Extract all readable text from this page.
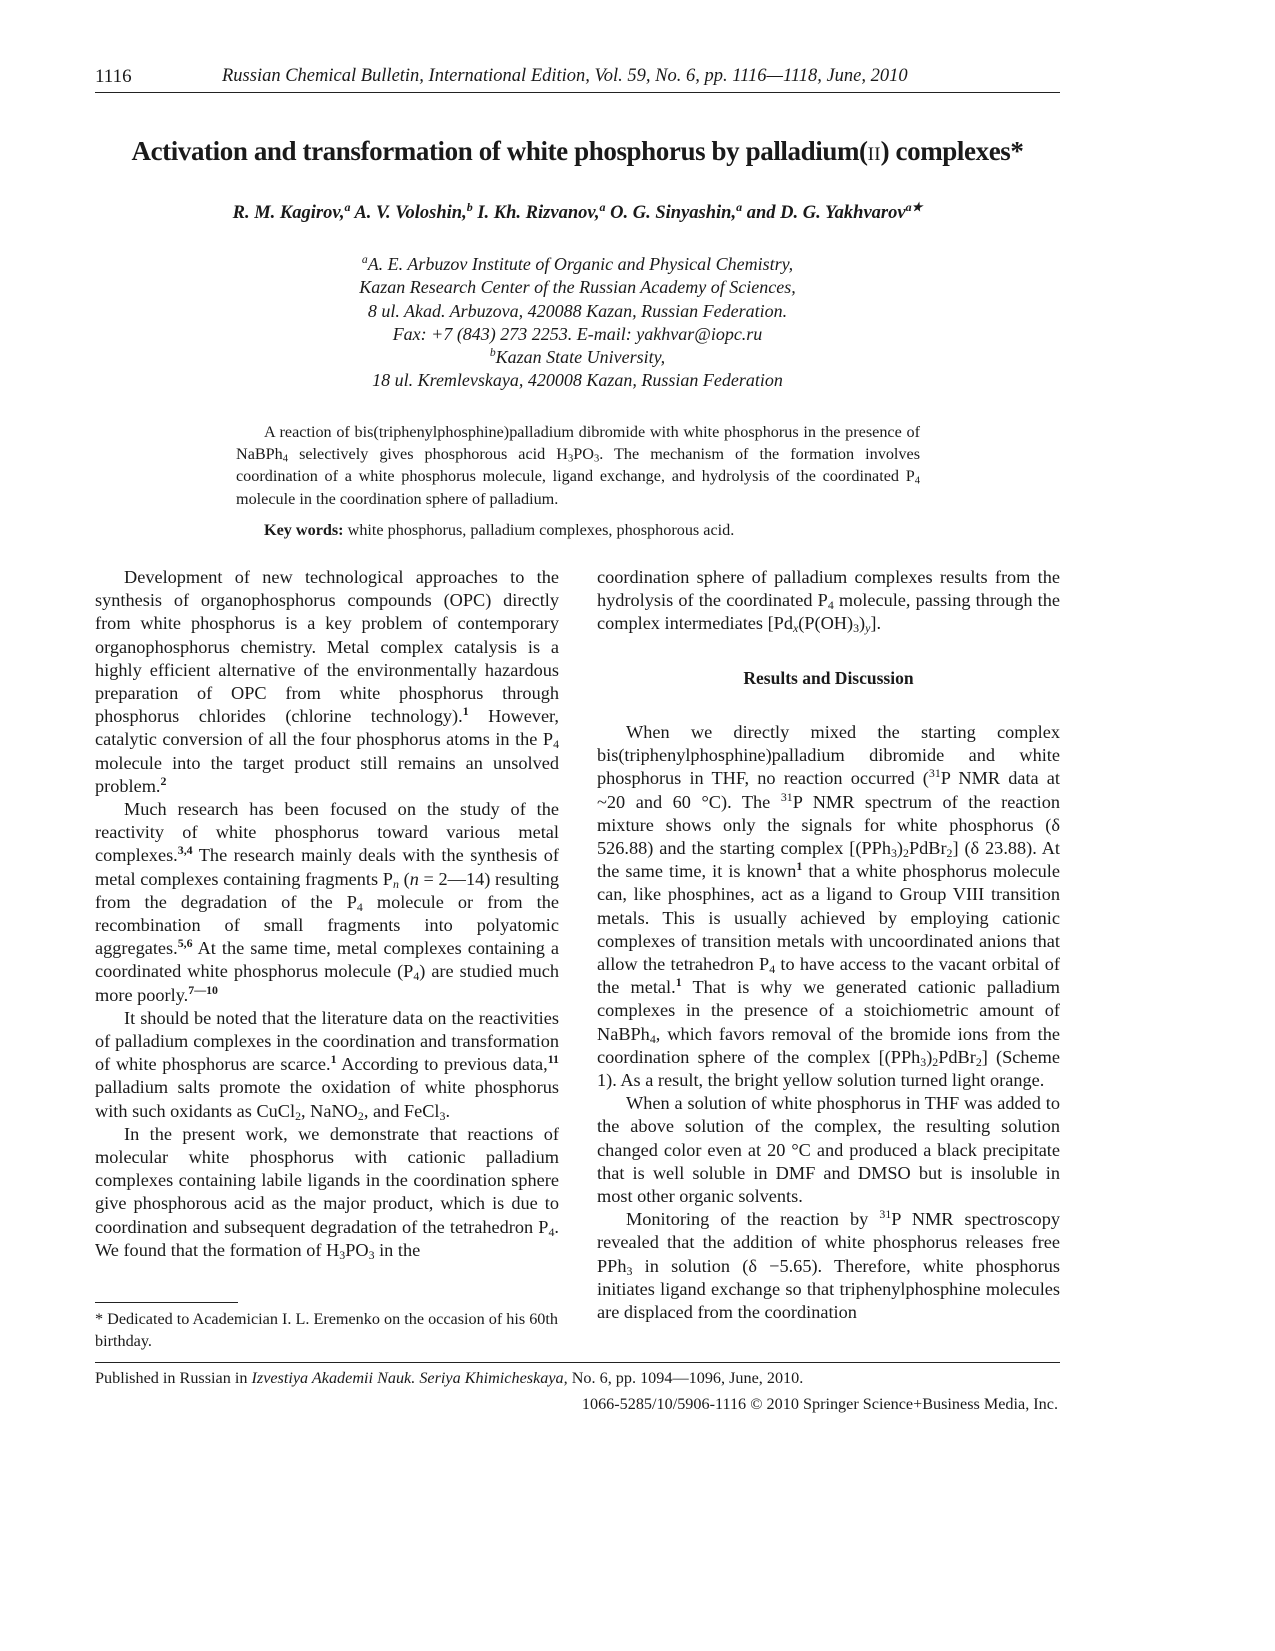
1116	Russian Chemical Bulletin, International Edition, Vol. 59, No. 6, pp. 1116—1118, June, 2010
Activation and transformation of white phosphorus by palladium(II) complexes*
R. M. Kagirov,$^a$ A. V. Voloshin,$^b$ I. Kh. Rizvanov,$^a$ O. G. Sinyashin,$^a$ and D. G. Yakhvarov$^{a★}$
$^a$A. E. Arbuzov Institute of Organic and Physical Chemistry,
Kazan Research Center of the Russian Academy of Sciences,
8 ul. Akad. Arbuzova, 420088 Kazan, Russian Federation.
Fax: +7 (843) 273 2253. E-mail: yakhvar@iopc.ru
$^b$Kazan State University,
18 ul. Kremlevskaya, 420008 Kazan, Russian Federation

A reaction of bis(triphenylphosphine)palladium dibromide with white phosphorus in the presence of NaBPh$_4$ selectively gives phosphorous acid $H_3PO_3$. The mechanism of the formation involves coordination of a white phosphorus molecule, ligand exchange, and hydrolysis of the coordinated $P_4$ molecule in the coordination sphere of palladium.

Key words: white phosphorus, palladium complexes, phosphorous acid.

Development of new technological approaches to the synthesis of organophosphorus compounds (OPC) directly from white phosphorus is a key problem of contemporary organophosphorus chemistry. Metal complex catalysis is a highly efficient alternative of the environmentally hazardous preparation of OPC from white phosphorus through phosphorus chlorides (chlorine technology).$^1$ However, catalytic conversion of all the four phosphorus atoms in the $P_4$ molecule into the target product still remains an unsolved problem.$^2$

Much research has been focused on the study of the reactivity of white phosphorus toward various metal complexes.$^{3,4}$ The research mainly deals with the synthesis of metal complexes containing fragments $P_n$ (n = 2—14) resulting from the degradation of the $P_4$ molecule or from the recombination of small fragments into polyatomic aggregates.$^{5,6}$ At the same time, metal complexes containing a coordinated white phosphorus molecule $(P_4)$ are studied much more poorly.$^{7—10}$

It should be noted that the literature data on the reactivities of palladium complexes in the coordination and transformation of white phosphorus are scarce.$^1$ According to previous data,$^{11}$ palladium salts promote the oxidation of white phosphorus with such oxidants as CuCl$_2$, NaNO$_2$, and FeCl$_3$.

In the present work, we demonstrate that reactions of molecular white phosphorus with cationic palladium complexes containing labile ligands in the coordination sphere give phosphorous acid as the major product, which is due to coordination and subsequent degradation of the tetrahedron $P_4$. We found that the formation of $H_3PO_3$ in the

* Dedicated to Academician I. L. Eremenko on the occasion of his 60th birthday.

coordination sphere of palladium complexes results from the hydrolysis of the coordinated $P_4$ molecule, passing through the complex intermediates $[Pd_x(P(OH)_3)_y]$.

Results and Discussion

When we directly mixed the starting complex bis(triphenylphosphine)palladium dibromide and white phosphorus in THF, no reaction occurred ($^{31}$P NMR data at ~20 and 60 °C). The $^{31}$P NMR spectrum of the reaction mixture shows only the signals for white phosphorus (δ 526.88) and the starting complex $[(PPh_3)_2PdBr_2]$ (δ 23.88). At the same time, it is known$^1$ that a white phosphorus molecule can, like phosphines, act as a ligand to Group VIII transition metals. This is usually achieved by employing cationic complexes of transition metals with uncoordinated anions that allow the tetrahedron $P_4$ to have access to the vacant orbital of the metal.$^1$ That is why we generated cationic palladium complexes in the presence of a stoichiometric amount of NaBPh$_4$, which favors removal of the bromide ions from the coordination sphere of the complex $[(PPh_3)_2PdBr_2]$ (Scheme 1). As a result, the bright yellow solution turned light orange.

When a solution of white phosphorus in THF was added to the above solution of the complex, the resulting solution changed color even at 20 °C and produced a black precipitate that is well soluble in DMF and DMSO but is insoluble in most other organic solvents.

Monitoring of the reaction by $^{31}$P NMR spectroscopy revealed that the addition of white phosphorus releases free PPh$_3$ in solution (δ −5.65). Therefore, white phosphorus initiates ligand exchange so that triphenylphosphine molecules are displaced from the coordination

Published in Russian in Izvestiya Akademii Nauk. Seriya Khimicheskaya, No. 6, pp. 1094—1096, June, 2010.
1066-5285/10/5906-1116 © 2010 Springer Science+Business Media, Inc.
